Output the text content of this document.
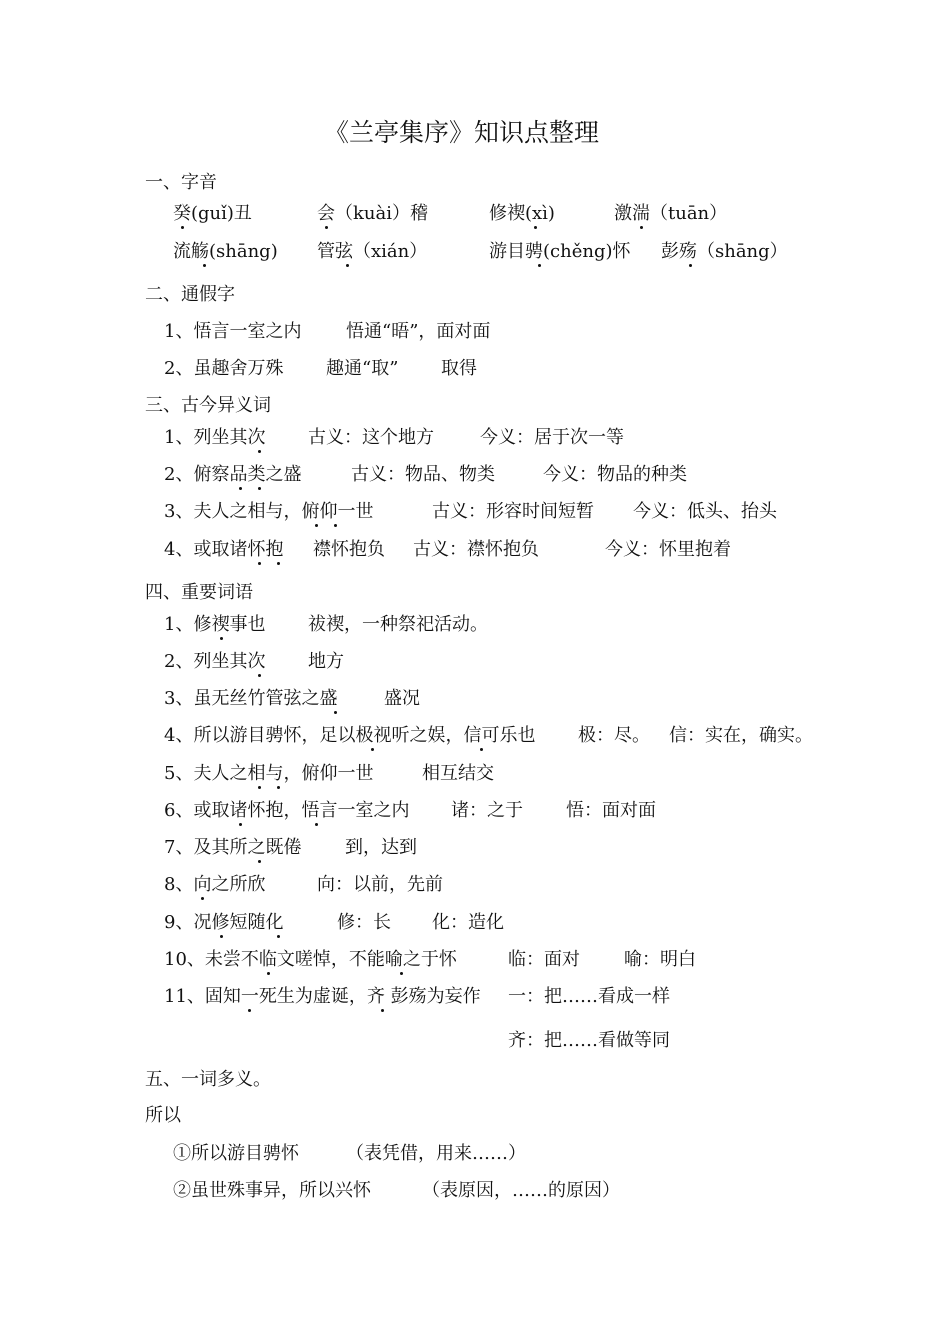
《兰亭集序》知识点整理
一、字音
癸(guǐ)丑	会（kuài）稽	修禊(xì)	激湍（tuān）
流觞(shāng) 管弦（xián）	游目骋(chěng)怀 彭殇（shāng）
二、通假字
1、悟言一室之内 悟通“晤”，面对面
2、虽趣舍万殊 趣通“取” 取得
三、古今异义词
1、列坐其次 古义：这个地方	今义：居于次一等
2、俯察品类之盛	古义：物品、物类	今义：物品的种类
3、夫人之相与，俯仰一世	古义：形容时间短暂 今义：低头、抬头
4、或取诸怀抱 襟怀抱负 古义：襟怀抱负	今义：怀里抱着
四、重要词语
1、修禊事也 祓禊，一种祭祀活动。
2、列坐其次 地方
3、虽无丝竹管弦之盛	盛况
4、所以游目骋怀，足以极视听之娱，信可乐也 极：尽。 信：实在，确实。
5、夫人之相与，俯仰一世	相互结交
6、或取诸怀抱，悟言一室之内 诸：之于 悟：面对面
7、及其所之既倦 到，达到
8、向之所欣	向：以前，先前
9、况修短随化	修：长 化：造化
10、未尝不临文嗟悼，不能喻之于怀	临：面对 喻：明白
11、固知一死生为虚诞，齐 彭殇为妄作 一：把……看成一样
齐：把……看做等同
五、一词多义。
所以
①所以游目骋怀	（表凭借，用来……）
②虽世殊事异，所以兴怀	（表原因，……的原因）
